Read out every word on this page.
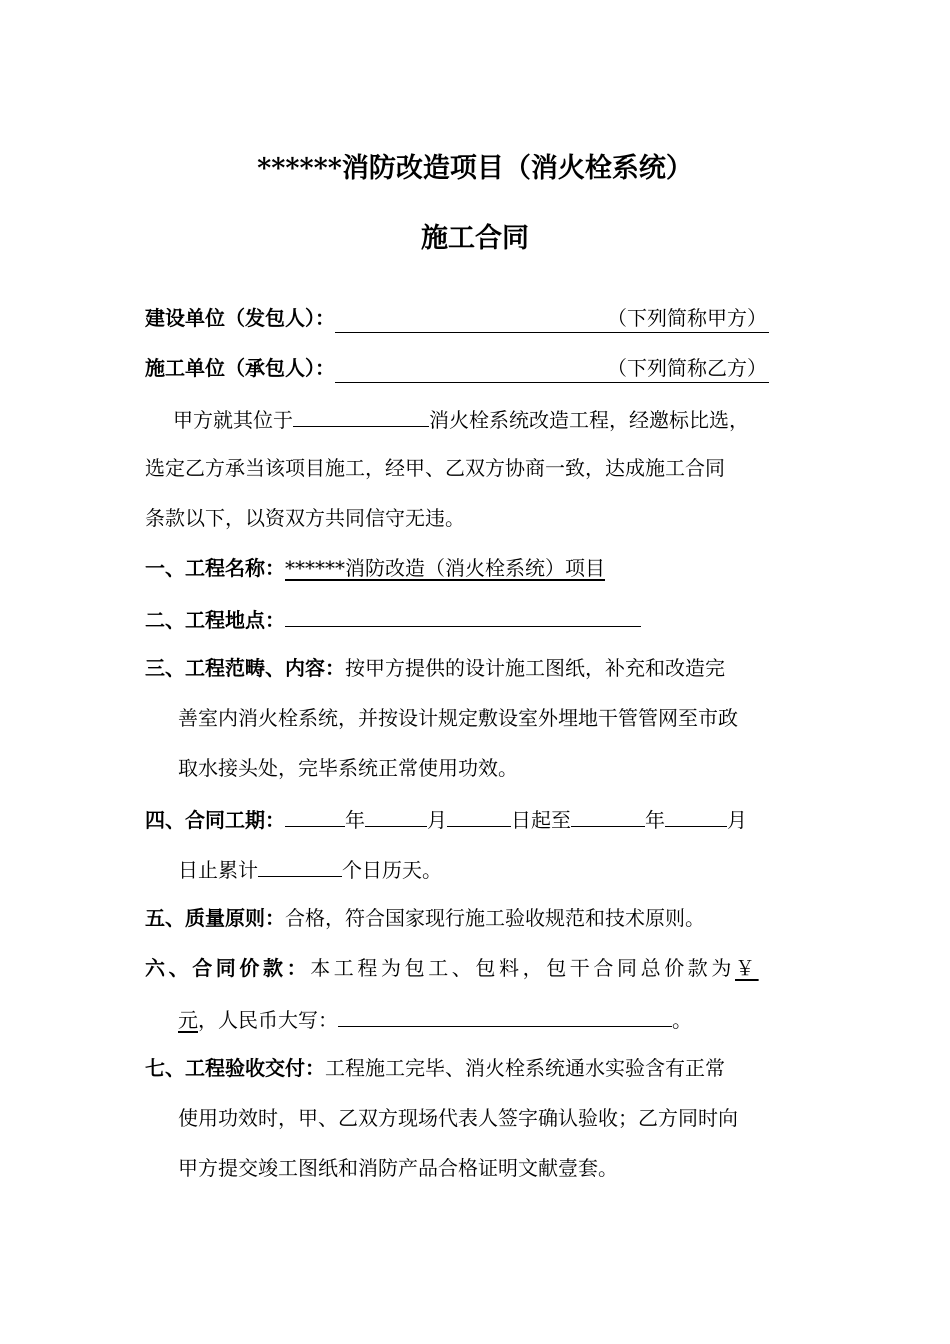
******消防改造项目（消火栓系统）
施工合同
建设单位（发包人）：	（下列简称甲方）
施工单位（承包人）：	（下列简称乙方）
甲方就其位于	消火栓系统改造工程，经邀标比选，
选定乙方承当该项目施工，经甲、乙双方协商一致，达成施工合同
条款以下，以资双方共同信守无违。
一、工程名称：******消防改造（消火栓系统）项目
二、工程地点：
三、工程范畴、内容：按甲方提供的设计施工图纸，补充和改造完
善室内消火栓系统，并按设计规定敷设室外埋地干管管网至市政
取水接头处，完毕系统正常使用功效。
四、合同工期：	年	月	日起至	年	月
日止累计	个日历天。
五、质量原则：合格，符合国家现行施工验收规范和技术原则。
六、合同价款：本工程为包工、包料，包干合同总价款为￥
元，人民币大写：	。
七、工程验收交付：工程施工完毕、消火栓系统通水实验含有正常
使用功效时，甲、乙双方现场代表人签字确认验收；乙方同时向
甲方提交竣工图纸和消防产品合格证明文献壹套。
